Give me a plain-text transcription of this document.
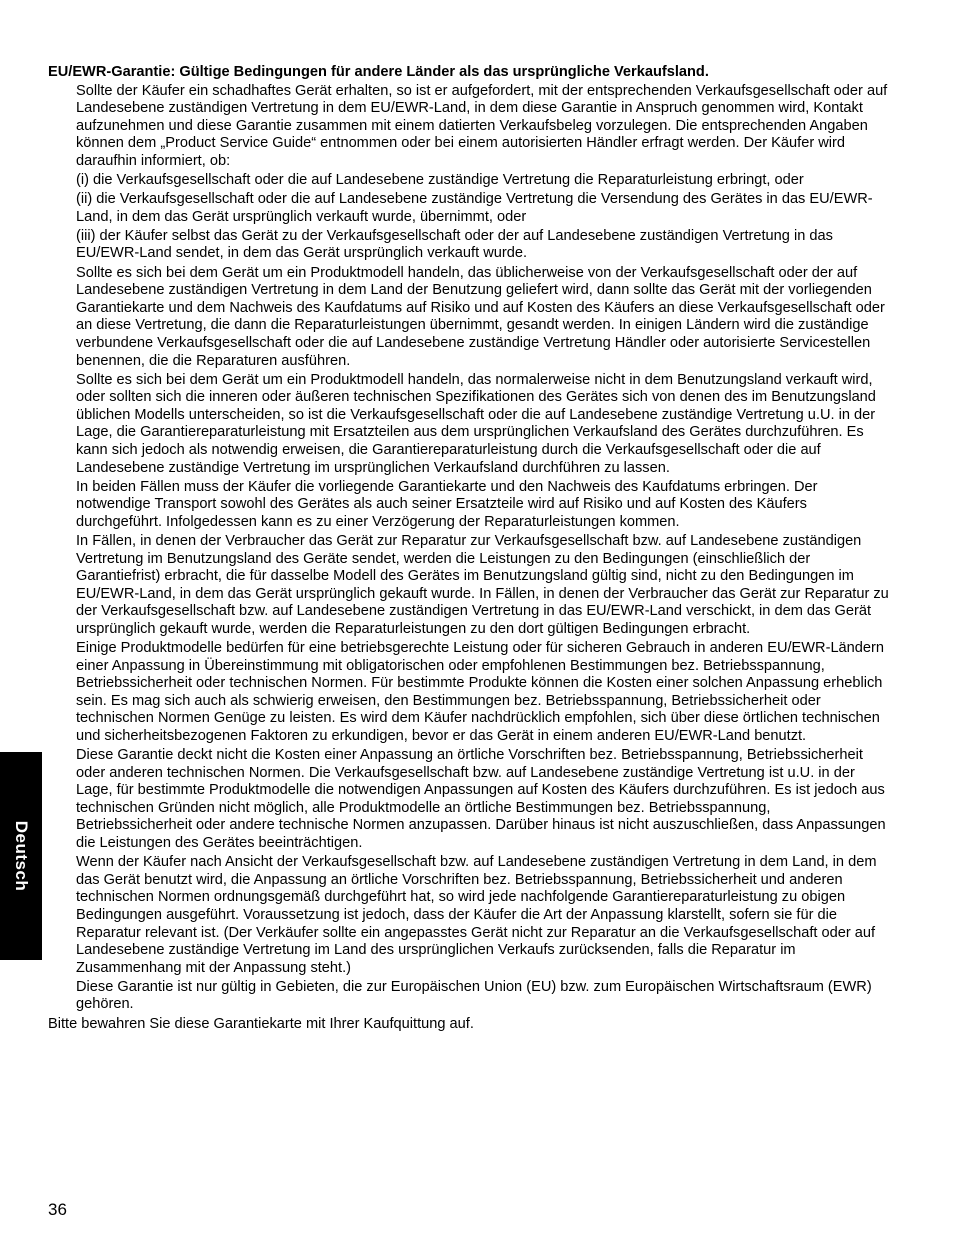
Deutsch

EU/EWR-Garantie: Gültige Bedingungen für andere Länder als das ursprüngliche Verkaufsland.

Sollte der Käufer ein schadhaftes Gerät erhalten, so ist er aufgefordert, mit der entsprechenden Verkaufsgesellschaft oder auf Landesebene zuständigen Vertretung in dem EU/EWR-Land, in dem diese Garantie in Anspruch genommen wird, Kontakt aufzunehmen und diese Garantie zusammen mit einem datierten Verkaufsbeleg vorzulegen. Die entsprechenden Angaben können dem „Product Service Guide“ entnommen oder bei einem autorisierten Händler erfragt werden. Der Käufer wird daraufhin informiert, ob:

(i) die Verkaufsgesellschaft oder die auf Landesebene zuständige Vertretung die Reparaturleistung erbringt, oder

(ii) die Verkaufsgesellschaft oder die auf Landesebene zuständige Vertretung die Versendung des Gerätes in das EU/EWR-Land, in dem das Gerät ursprünglich verkauft wurde, übernimmt, oder

(iii) der Käufer selbst das Gerät zu der Verkaufsgesellschaft oder der auf Landesebene zuständigen Vertretung in das EU/EWR-Land sendet, in dem das Gerät ursprünglich verkauft wurde.

Sollte es sich bei dem Gerät um ein Produktmodell handeln, das üblicherweise von der Verkaufsgesellschaft oder der auf Landesebene zuständigen Vertretung in dem Land der Benutzung geliefert wird, dann sollte das Gerät mit der vorliegenden Garantiekarte und dem Nachweis des Kaufdatums auf Risiko und auf Kosten des Käufers an diese Verkaufsgesellschaft oder an diese Vertretung, die dann die Reparaturleistungen übernimmt, gesandt werden. In einigen Ländern wird die zuständige verbundene Verkaufsgesellschaft oder die auf Landesebene zuständige Vertretung Händler oder autorisierte Servicestellen benennen, die die Reparaturen ausführen.

Sollte es sich bei dem Gerät um ein Produktmodell handeln, das normalerweise nicht in dem Benutzungsland verkauft wird, oder sollten sich die inneren oder äußeren technischen Spezifikationen des Gerätes sich von denen des im Benutzungsland üblichen Modells unterscheiden, so ist die Verkaufsgesellschaft oder die auf Landesebene zuständige Vertretung u.U. in der Lage, die Garantiereparaturleistung mit Ersatzteilen aus dem ursprünglichen Verkaufsland des Gerätes durchzuführen. Es kann sich jedoch als notwendig erweisen, die Garantiereparaturleistung durch die Verkaufsgesellschaft oder die auf Landesebene zuständige Vertretung im ursprünglichen Verkaufsland durchführen zu lassen.

In beiden Fällen muss der Käufer die vorliegende Garantiekarte und den Nachweis des Kaufdatums erbringen. Der notwendige Transport sowohl des Gerätes als auch seiner Ersatzteile wird auf Risiko und auf Kosten des Käufers durchgeführt. Infolgedessen kann es zu einer Verzögerung der Reparaturleistungen kommen.

In Fällen, in denen der Verbraucher das Gerät zur Reparatur zur Verkaufsgesellschaft bzw. auf Landesebene zuständigen Vertretung im Benutzungsland des Geräte sendet, werden die Leistungen zu den Bedingungen (einschließlich der Garantiefrist) erbracht, die für dasselbe Modell des Gerätes im Benutzungsland gültig sind, nicht zu den Bedingungen im EU/EWR-Land, in dem das Gerät ursprünglich gekauft wurde. In Fällen, in denen der Verbraucher das Gerät zur Reparatur zu der Verkaufsgesellschaft bzw. auf Landesebene zuständigen Vertretung in das EU/EWR-Land verschickt, in dem das Gerät ursprünglich gekauft wurde, werden die Reparaturleistungen zu den dort gültigen Bedingungen erbracht.

Einige Produktmodelle bedürfen für eine betriebsgerechte Leistung oder für sicheren Gebrauch in anderen EU/EWR-Ländern einer Anpassung in Übereinstimmung mit obligatorischen oder empfohlenen Bestimmungen bez. Betriebsspannung, Betriebssicherheit oder technischen Normen. Für bestimmte Produkte können die Kosten einer solchen Anpassung erheblich sein. Es mag sich auch als schwierig erweisen, den Bestimmungen bez. Betriebsspannung, Betriebssicherheit oder technischen Normen Genüge zu leisten. Es wird dem Käufer nachdrücklich empfohlen, sich über diese örtlichen technischen und sicherheitsbezogenen Faktoren zu erkundigen, bevor er das Gerät in einem anderen EU/EWR-Land benutzt.

Diese Garantie deckt nicht die Kosten einer Anpassung an örtliche Vorschriften bez. Betriebsspannung, Betriebssicherheit oder anderen technischen Normen. Die Verkaufsgesellschaft bzw. auf Landesebene zuständige Vertretung ist u.U. in der Lage, für bestimmte Produktmodelle die notwendigen Anpassungen auf Kosten des Käufers durchzuführen. Es ist jedoch aus technischen Gründen nicht möglich, alle Produktmodelle an örtliche Bestimmungen bez. Betriebsspannung, Betriebssicherheit oder andere technische Normen anzupassen. Darüber hinaus ist nicht auszuschließen, dass Anpassungen die Leistungen des Gerätes beeinträchtigen.

Wenn der Käufer nach Ansicht der Verkaufsgesellschaft bzw. auf Landesebene zuständigen Vertretung in dem Land, in dem das Gerät benutzt wird, die Anpassung an örtliche Vorschriften bez. Betriebsspannung, Betriebssicherheit und anderen technischen Normen ordnungsgemäß durchgeführt hat, so wird jede nachfolgende Garantiereparaturleistung zu obigen Bedingungen ausgeführt. Voraussetzung ist jedoch, dass der Käufer die Art der Anpassung klarstellt, sofern sie für die Reparatur relevant ist. (Der Verkäufer sollte ein angepasstes Gerät nicht zur Reparatur an die Verkaufsgesellschaft oder auf Landesebene zuständige Vertretung im Land des ursprünglichen Verkaufs zurücksenden, falls die Reparatur im Zusammenhang mit der Anpassung steht.)

Diese Garantie ist nur gültig in Gebieten, die zur Europäischen Union (EU) bzw. zum Europäischen Wirtschaftsraum (EWR) gehören.

Bitte bewahren Sie diese Garantiekarte mit Ihrer Kaufquittung auf.

36
